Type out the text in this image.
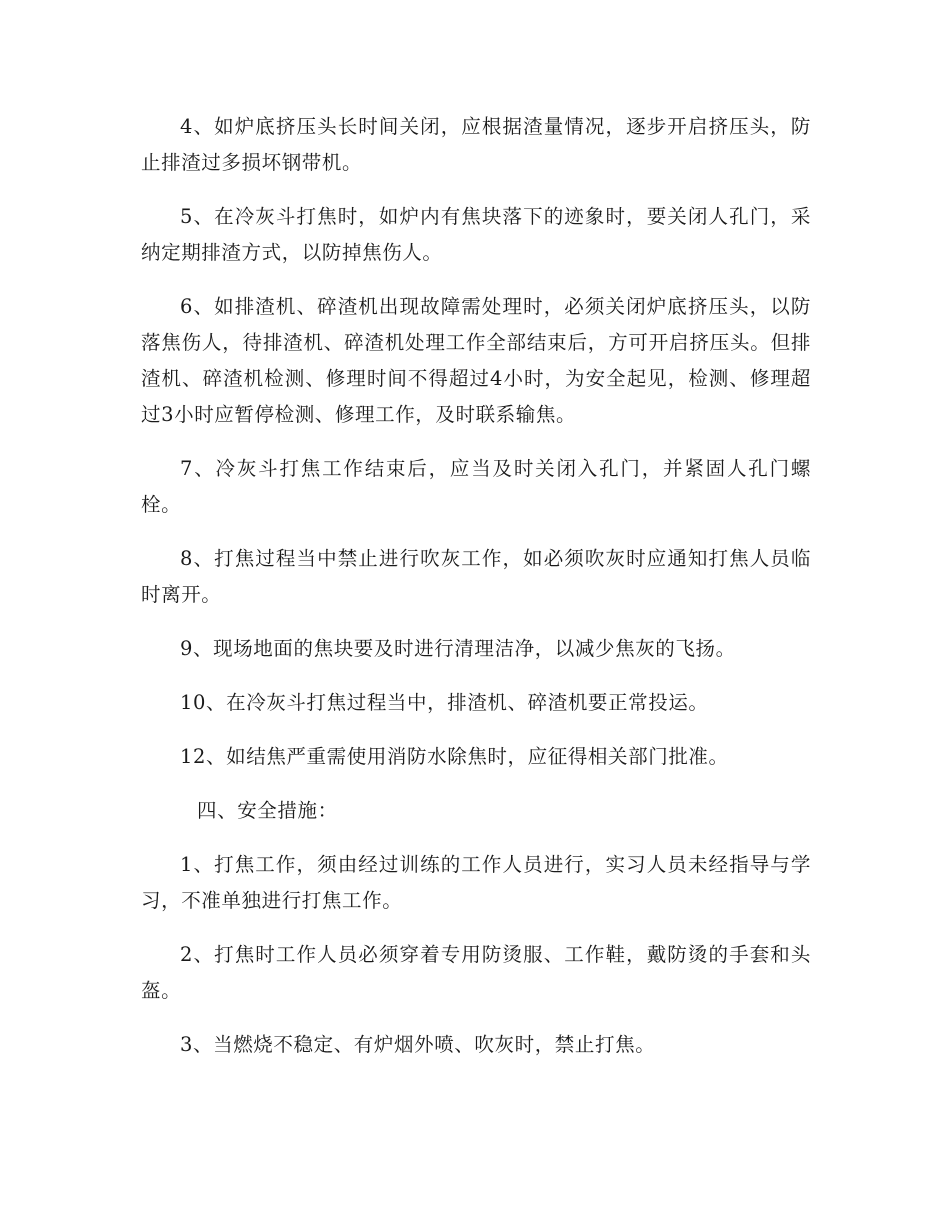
4、如炉底挤压头长时间关闭，应根据渣量情况，逐步开启挤压头，防止排渣过多损坏钢带机。

5、在冷灰斗打焦时，如炉内有焦块落下的迹象时，要关闭人孔门，采纳定期排渣方式，以防掉焦伤人。

6、如排渣机、碎渣机出现故障需处理时，必须关闭炉底挤压头，以防落焦伤人，待排渣机、碎渣机处理工作全部结束后，方可开启挤压头。但排渣机、碎渣机检测、修理时间不得超过4小时，为安全起见，检测、修理超过3小时应暂停检测、修理工作，及时联系输焦。

7、冷灰斗打焦工作结束后，应当及时关闭入孔门，并紧固人孔门螺栓。

8、打焦过程当中禁止进行吹灰工作，如必须吹灰时应通知打焦人员临时离开。

9、现场地面的焦块要及时进行清理洁净，以减少焦灰的飞扬。

10、在冷灰斗打焦过程当中，排渣机、碎渣机要正常投运。

12、如结焦严重需使用消防水除焦时，应征得相关部门批准。

四、安全措施：

1、打焦工作，须由经过训练的工作人员进行，实习人员未经指导与学习，不准单独进行打焦工作。

2、打焦时工作人员必须穿着专用防烫服、工作鞋，戴防烫的手套和头盔。

3、当燃烧不稳定、有炉烟外喷、吹灰时，禁止打焦。
